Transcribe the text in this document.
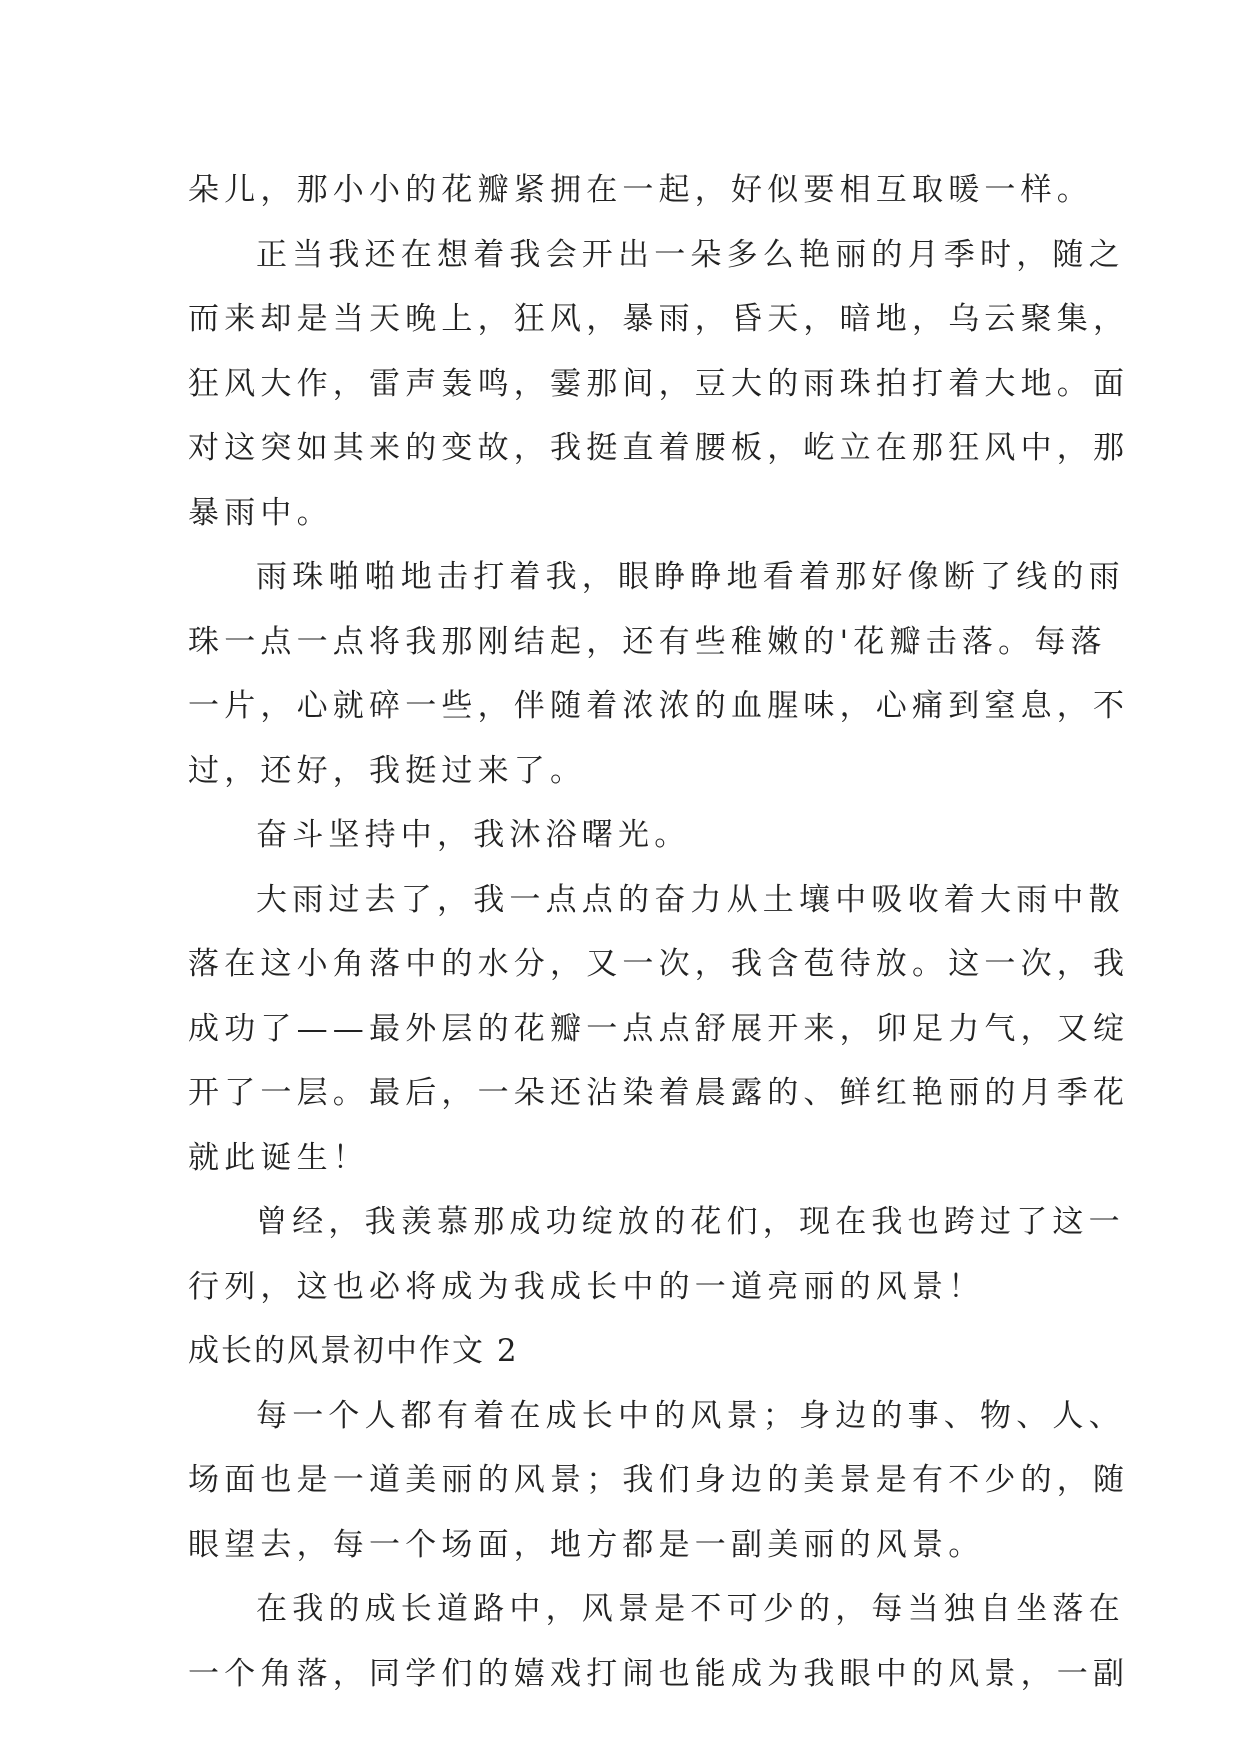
朵儿，那小小的花瓣紧拥在一起，好似要相互取暖一样。
正当我还在想着我会开出一朵多么艳丽的月季时，随之
而来却是当天晚上，狂风，暴雨，昏天，暗地，乌云聚集，
狂风大作，雷声轰鸣，霎那间，豆大的雨珠拍打着大地。面
对这突如其来的变故，我挺直着腰板，屹立在那狂风中，那
暴雨中。
雨珠啪啪地击打着我，眼睁睁地看着那好像断了线的雨
珠一点一点将我那刚结起，还有些稚嫩的'花瓣击落。每落
一片，心就碎一些，伴随着浓浓的血腥味，心痛到窒息，不
过，还好，我挺过来了。
奋斗坚持中，我沐浴曙光。
大雨过去了，我一点点的奋力从土壤中吸收着大雨中散
落在这小角落中的水分，又一次，我含苞待放。这一次，我
成功了——最外层的花瓣一点点舒展开来，卯足力气，又绽
开了一层。最后，一朵还沾染着晨露的、鲜红艳丽的月季花
就此诞生！
曾经，我羡慕那成功绽放的花们，现在我也跨过了这一
行列，这也必将成为我成长中的一道亮丽的风景！
成长的风景初中作文 2
每一个人都有着在成长中的风景；身边的事、物、人、
场面也是一道美丽的风景；我们身边的美景是有不少的，随
眼望去，每一个场面，地方都是一副美丽的风景。
在我的成长道路中，风景是不可少的，每当独自坐落在
一个角落，同学们的嬉戏打闹也能成为我眼中的风景，一副
